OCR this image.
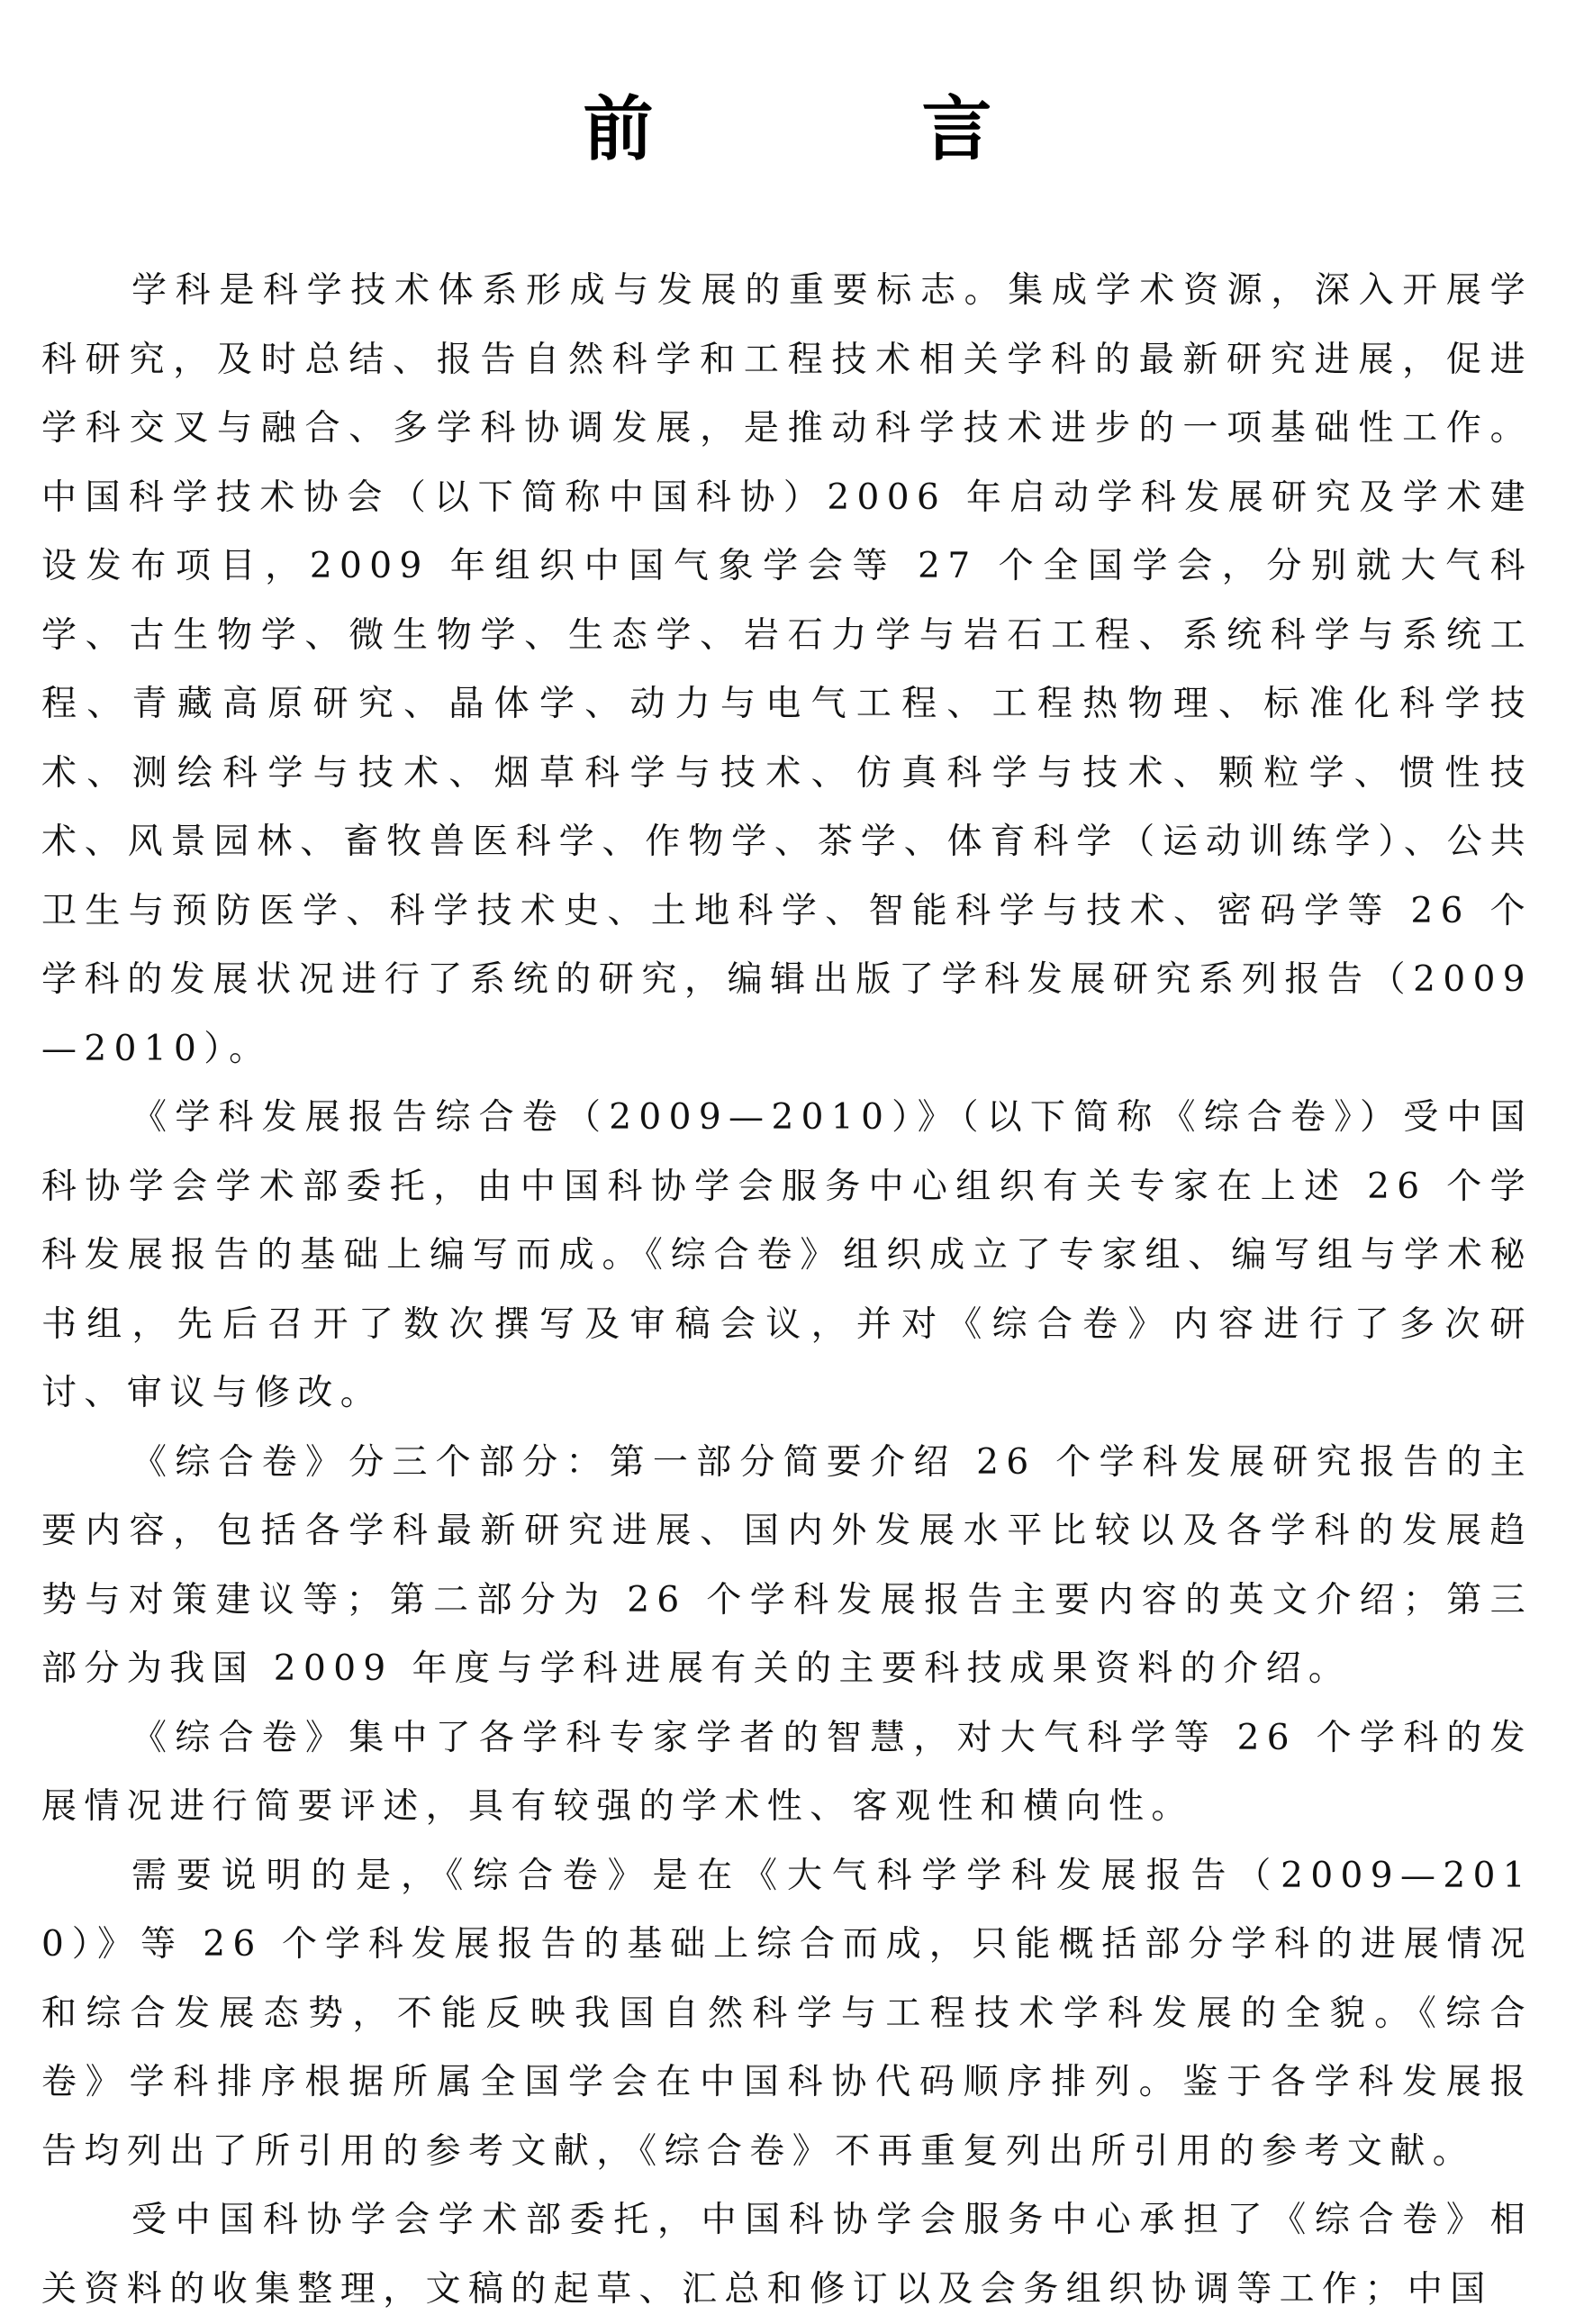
前　言

学科是科学技术体系形成与发展的重要标志。集成学术资源，深入开展学科研究，及时总结、报告自然科学和工程技术相关学科的最新研究进展，促进学科交叉与融合、多学科协调发展，是推动科学技术进步的一项基础性工作。中国科学技术协会（以下简称中国科协）2006 年启动学科发展研究及学术建设发布项目，2009 年组织中国气象学会等 27 个全国学会，分别就大气科学、古生物学、微生物学、生态学、岩石力学与岩石工程、系统科学与系统工程、青藏高原研究、晶体学、动力与电气工程、工程热物理、标准化科学技术、测绘科学与技术、烟草科学与技术、仿真科学与技术、颗粒学、惯性技术、风景园林、畜牧兽医科学、作物学、茶学、体育科学（运动训练学）、公共卫生与预防医学、科学技术史、土地科学、智能科学与技术、密码学等 26 个学科的发展状况进行了系统的研究，编辑出版了学科发展研究系列报告（2009—2010）。

《学科发展报告综合卷（2009—2010）》（以下简称《综合卷》）受中国科协学会学术部委托，由中国科协学会服务中心组织有关专家在上述 26 个学科发展报告的基础上编写而成。《综合卷》组织成立了专家组、编写组与学术秘书组，先后召开了数次撰写及审稿会议，并对《综合卷》内容进行了多次研讨、审议与修改。

《综合卷》分三个部分：第一部分简要介绍 26 个学科发展研究报告的主要内容，包括各学科最新研究进展、国内外发展水平比较以及各学科的发展趋势与对策建议等；第二部分为 26 个学科发展报告主要内容的英文介绍；第三部分为我国 2009 年度与学科进展有关的主要科技成果资料的介绍。

《综合卷》集中了各学科专家学者的智慧，对大气科学等 26 个学科的发展情况进行简要评述，具有较强的学术性、客观性和横向性。

需要说明的是，《综合卷》是在《大气科学学科发展报告（2009—2010）》等 26 个学科发展报告的基础上综合而成，只能概括部分学科的进展情况和综合发展态势，不能反映我国自然科学与工程技术学科发展的全貌。《综合卷》学科排序根据所属全国学会在中国科协代码顺序排列。鉴于各学科发展报告均列出了所引用的参考文献，《综合卷》不再重复列出所引用的参考文献。

受中国科协学会学术部委托，中国科协学会服务中心承担了《综合卷》相关资料的收集整理，文稿的起草、汇总和修订以及会务组织协调等工作；中国
